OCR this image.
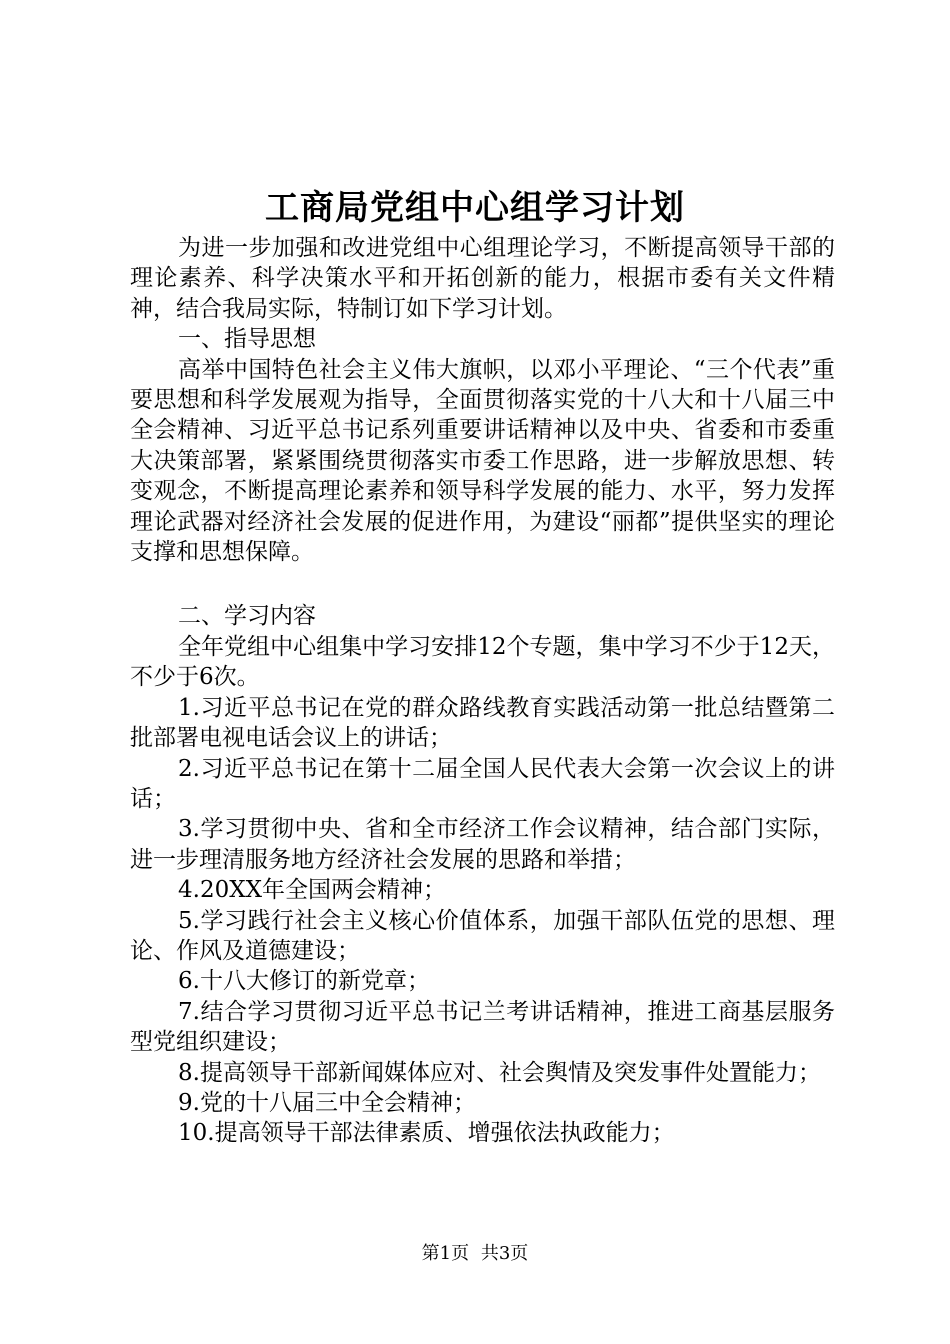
工商局党组中心组学习计划

为进一步加强和改进党组中心组理论学习，不断提高领导干部的理论素养、科学决策水平和开拓创新的能力，根据市委有关文件精神，结合我局实际，特制订如下学习计划。

一、指导思想

高举中国特色社会主义伟大旗帜，以邓小平理论、“三个代表”重要思想和科学发展观为指导，全面贯彻落实党的十八大和十八届三中全会精神、习近平总书记系列重要讲话精神以及中央、省委和市委重大决策部署，紧紧围绕贯彻落实市委工作思路，进一步解放思想、转变观念，不断提高理论素养和领导科学发展的能力、水平，努力发挥理论武器对经济社会发展的促进作用，为建设“丽都”提供坚实的理论支撑和思想保障。

二、学习内容

全年党组中心组集中学习安排12个专题，集中学习不少于12天，不少于6次。

1.习近平总书记在党的群众路线教育实践活动第一批总结暨第二批部署电视电话会议上的讲话；

2.习近平总书记在第十二届全国人民代表大会第一次会议上的讲话；

3.学习贯彻中央、省和全市经济工作会议精神，结合部门实际，进一步理清服务地方经济社会发展的思路和举措；

4.20XX年全国两会精神；

5.学习践行社会主义核心价值体系，加强干部队伍党的思想、理论、作风及道德建设；

6.十八大修订的新党章；

7.结合学习贯彻习近平总书记兰考讲话精神，推进工商基层服务型党组织建设；

8.提高领导干部新闻媒体应对、社会舆情及突发事件处置能力；

9.党的十八届三中全会精神；

10.提高领导干部法律素质、增强依法执政能力；

第1页 共3页
